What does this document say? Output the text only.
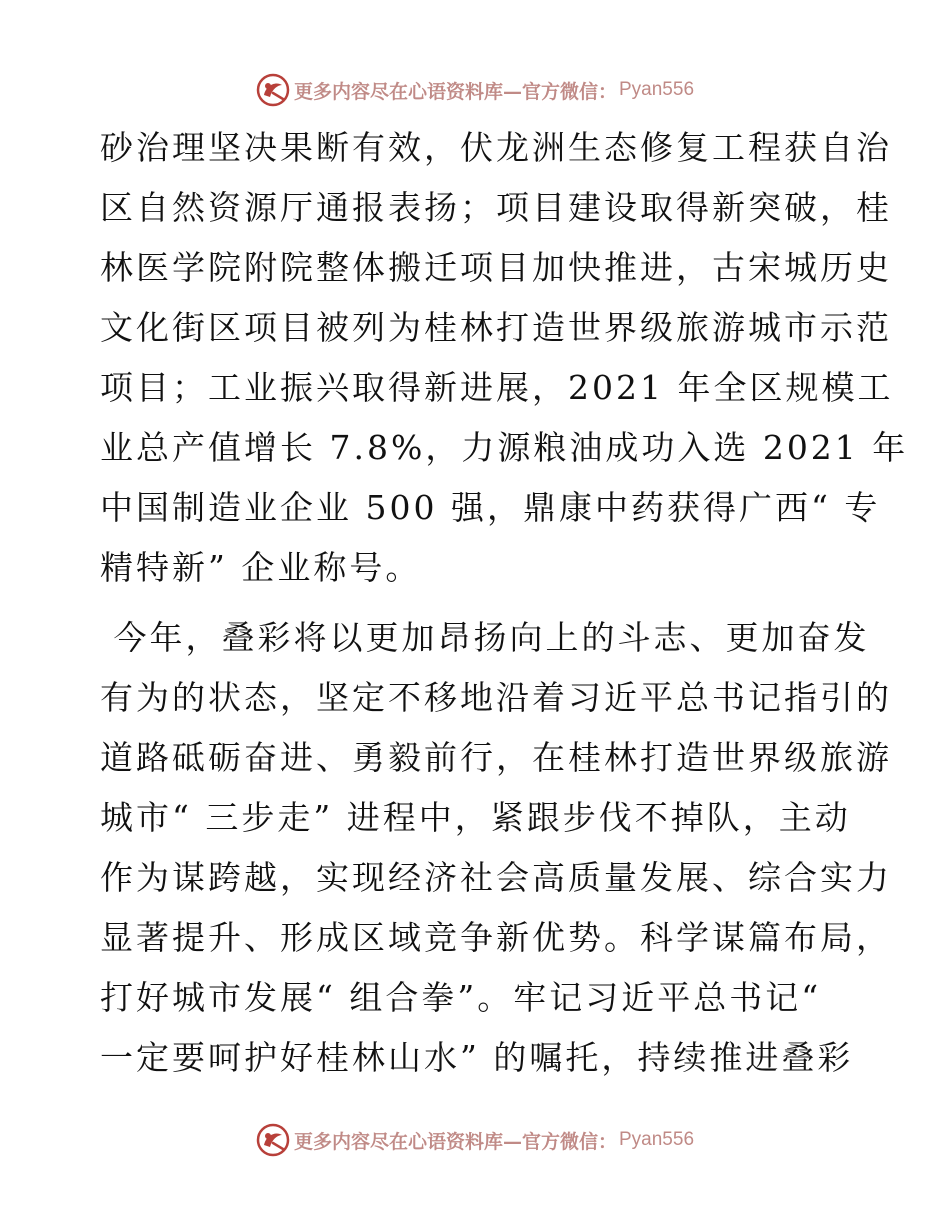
更多内容尽在心语资料库—官方微信： Pyan556
砂治理坚决果断有效，伏龙洲生态修复工程获自治
区自然资源厅通报表扬；项目建设取得新突破，桂
林医学院附院整体搬迁项目加快推进，古宋城历史
文化街区项目被列为桂林打造世界级旅游城市示范
项目；工业振兴取得新进展，2021 年全区规模工
业总产值增长 7.8%，力源粮油成功入选 2021 年
中国制造业企业 500 强，鼎康中药获得广西“ 专
精特新” 企业称号。
今年，叠彩将以更加昂扬向上的斗志、更加奋发
有为的状态，坚定不移地沿着习近平总书记指引的
道路砥砺奋进、勇毅前行，在桂林打造世界级旅游
城市“ 三步走” 进程中，紧跟步伐不掉队，主动
作为谋跨越，实现经济社会高质量发展、综合实力
显著提升、形成区域竞争新优势。科学谋篇布局，
打好城市发展“ 组合拳”。牢记习近平总书记“
一定要呵护好桂林山水” 的嘱托，持续推进叠彩
更多内容尽在心语资料库—官方微信： Pyan556
